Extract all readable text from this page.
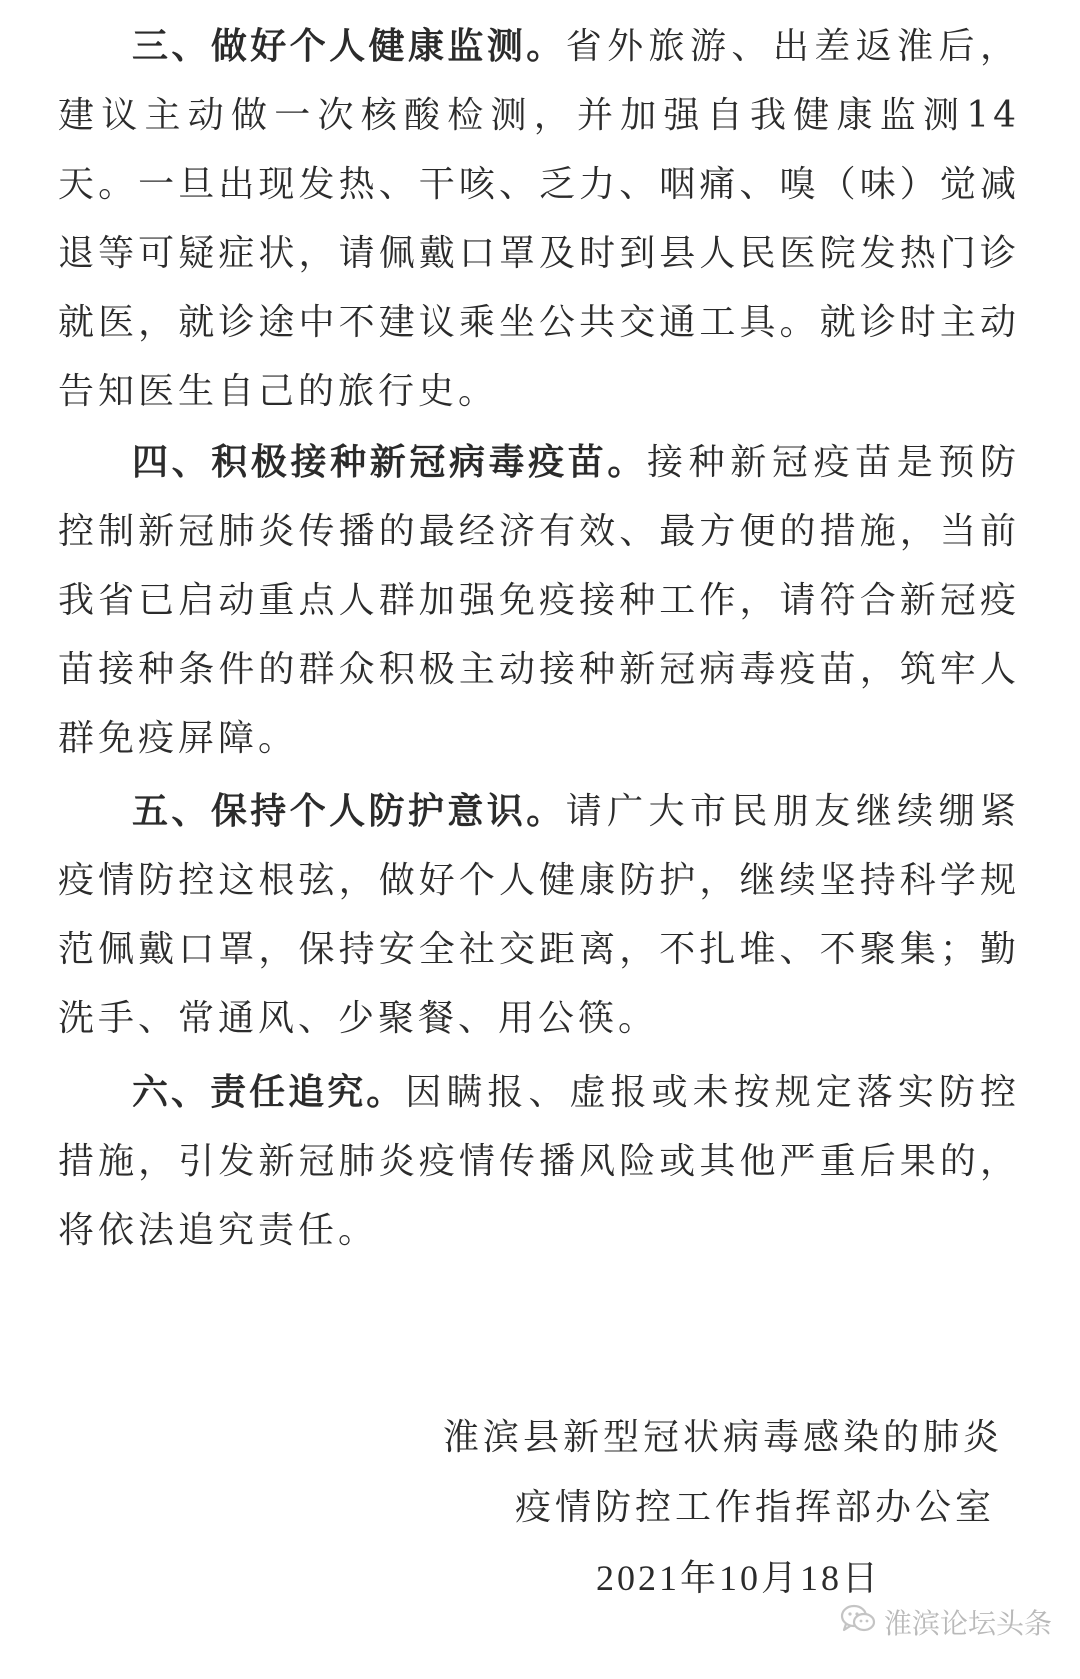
三、做好个人健康监测。省外旅游、出差返淮后，建议主动做一次核酸检测，并加强自我健康监测14天。一旦出现发热、干咳、乏力、咽痛、嗅（味）觉减退等可疑症状，请佩戴口罩及时到县人民医院发热门诊就医，就诊途中不建议乘坐公共交通工具。就诊时主动告知医生自己的旅行史。

四、积极接种新冠病毒疫苗。接种新冠疫苗是预防控制新冠肺炎传播的最经济有效、最方便的措施，当前我省已启动重点人群加强免疫接种工作，请符合新冠疫苗接种条件的群众积极主动接种新冠病毒疫苗，筑牢人群免疫屏障。

五、保持个人防护意识。请广大市民朋友继续绷紧疫情防控这根弦，做好个人健康防护，继续坚持科学规范佩戴口罩，保持安全社交距离，不扎堆、不聚集；勤洗手、常通风、少聚餐、用公筷。

六、责任追究。因瞒报、虚报或未按规定落实防控措施，引发新冠肺炎疫情传播风险或其他严重后果的，将依法追究责任。

淮滨县新型冠状病毒感染的肺炎
疫情防控工作指挥部办公室
2021年10月18日
淮滨论坛头条
